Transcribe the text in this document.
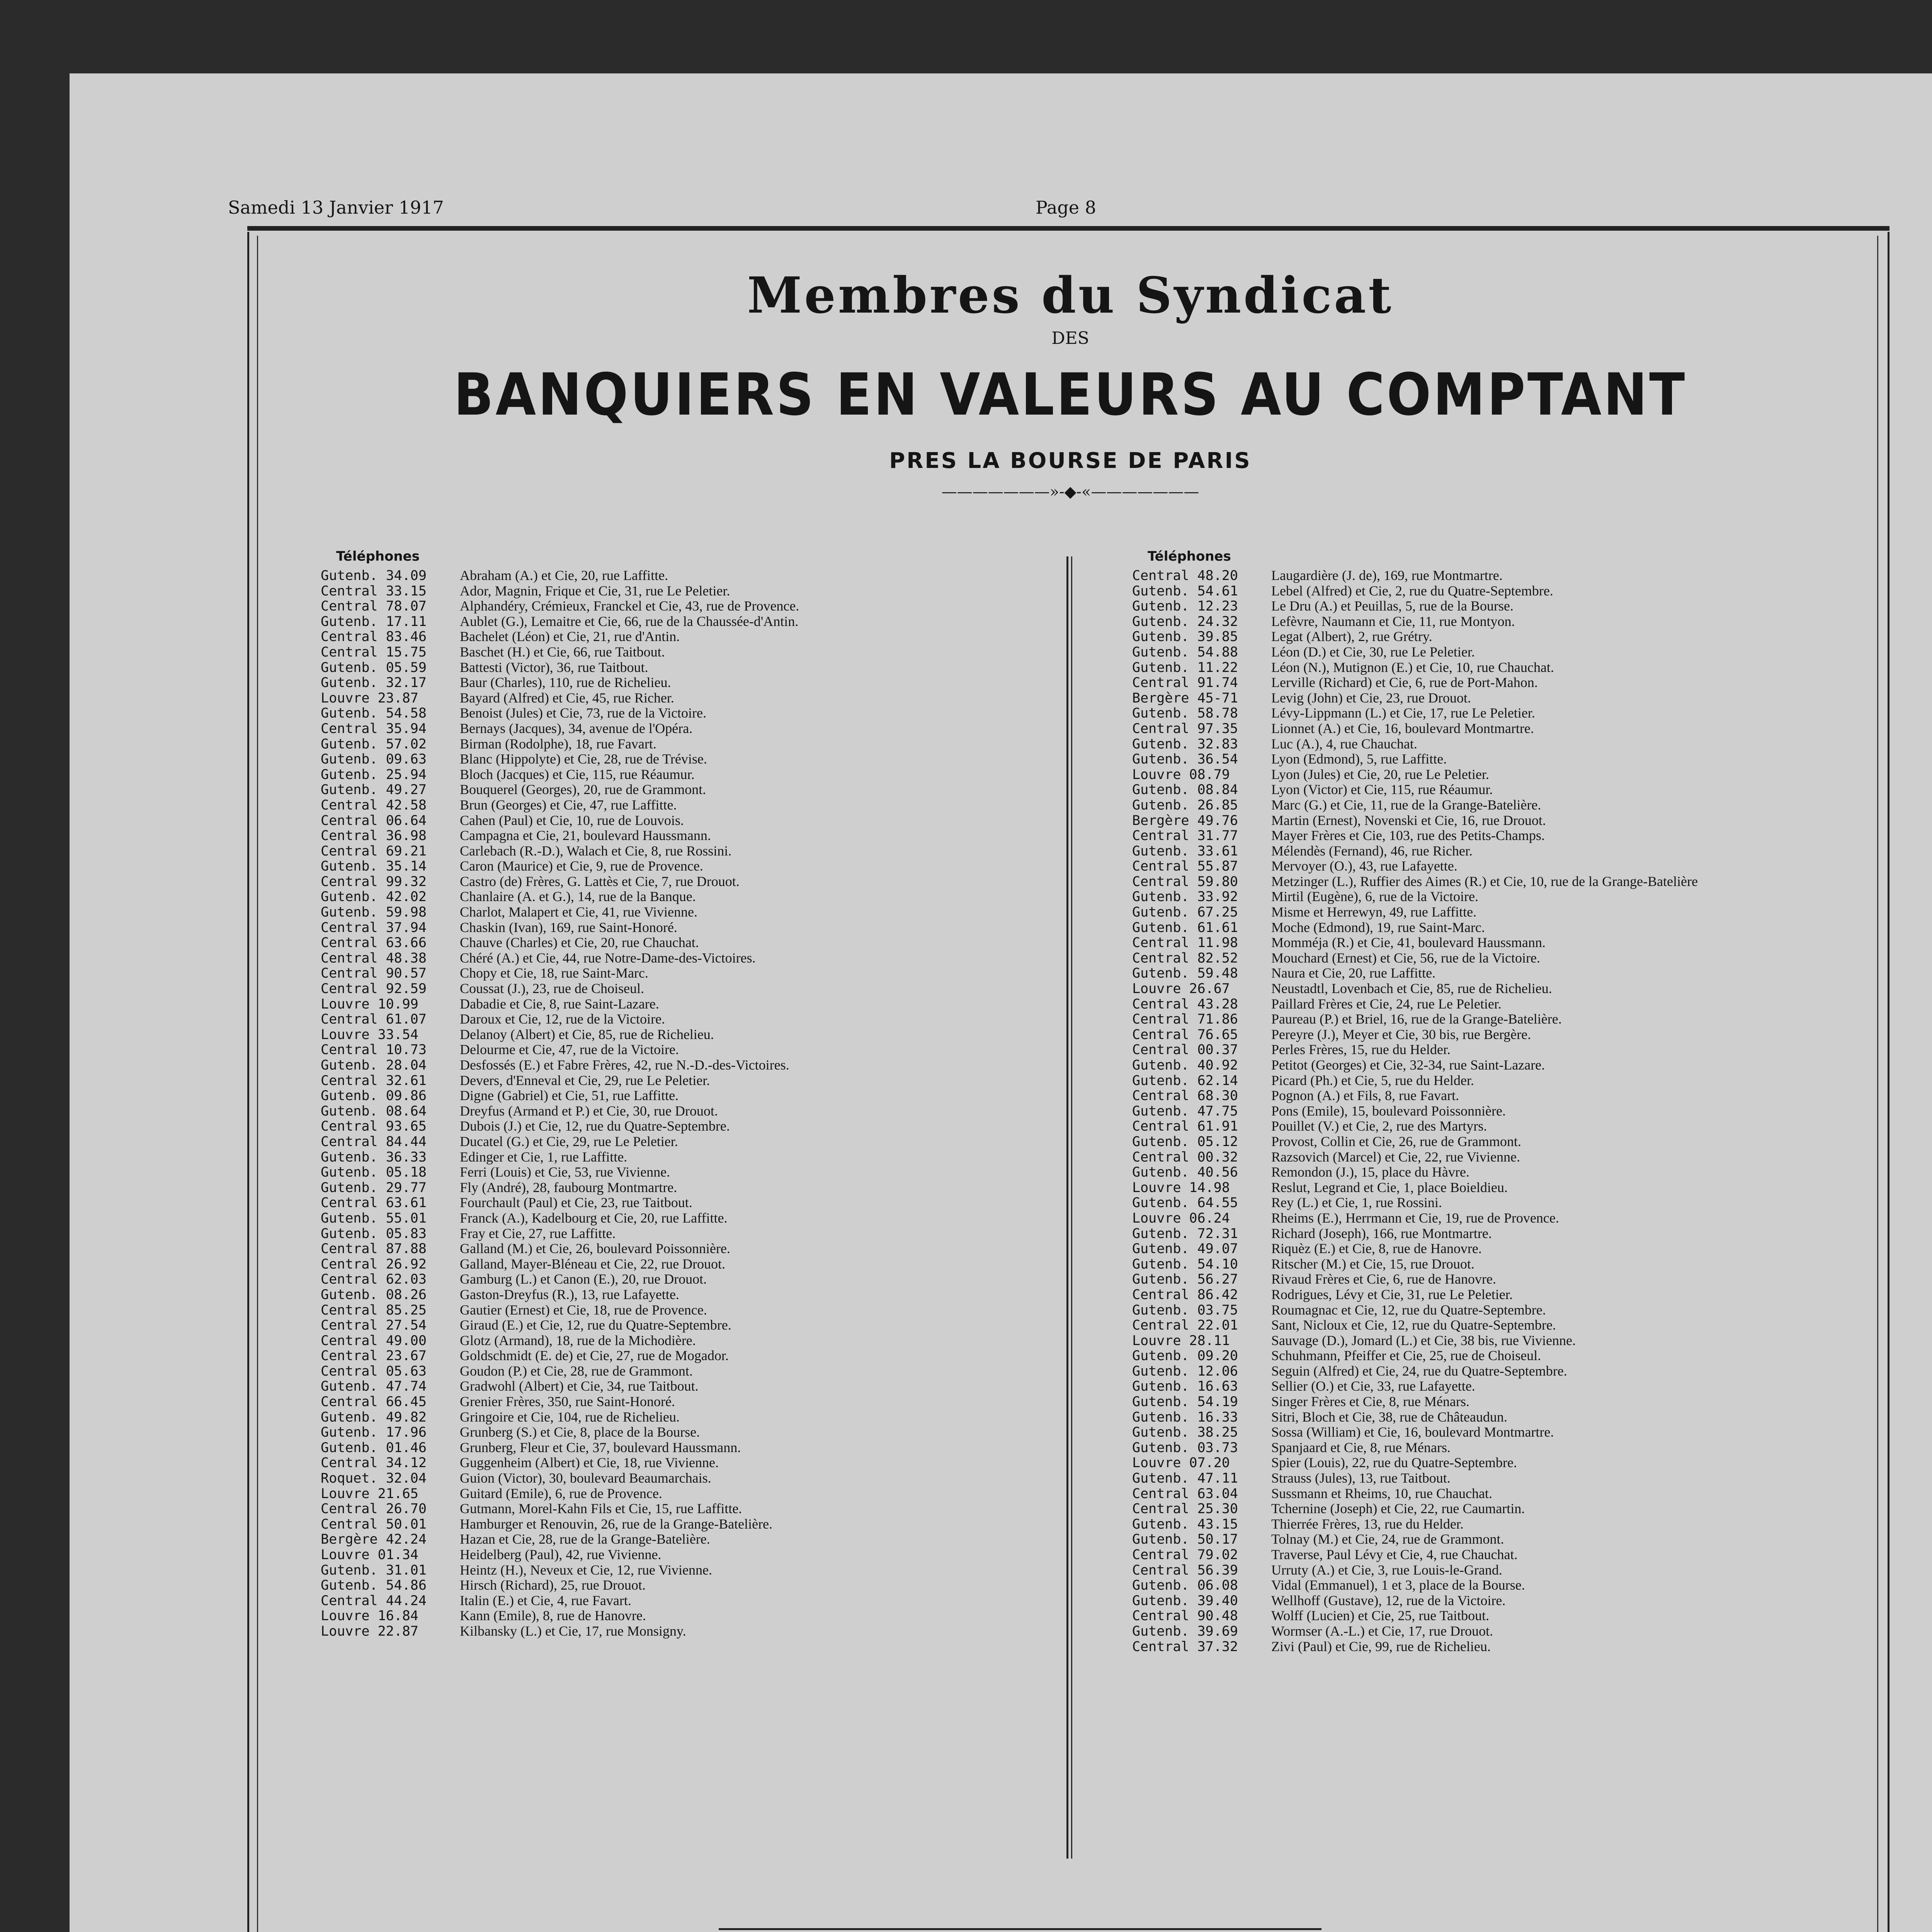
Samedi 13 Janvier 1917	Page 8
Membres du Syndicat
DES
BANQUIERS EN VALEURS AU COMPTANT
PRES LA BOURSE DE PARIS
———————»-◆-«———————
Téléphones
Gutenb. 34.09 Abraham (A.) et Cie, 20, rue Laffitte.
Central 33.15 Ador, Magnin, Frique et Cie, 31, rue Le Peletier.
Central 78.07 Alphandéry, Crémieux, Franckel et Cie, 43, rue de Provence.
Gutenb. 17.11 Aublet (G.), Lemaitre et Cie, 66, rue de la Chaussée-d'Antin.
Central 83.46 Bachelet (Léon) et Cie, 21, rue d'Antin.
Central 15.75 Baschet (H.) et Cie, 66, rue Taitbout.
Gutenb. 05.59 Battesti (Victor), 36, rue Taitbout.
Gutenb. 32.17 Baur (Charles), 110, rue de Richelieu.
Louvre 23.87	Bayard (Alfred) et Cie, 45, rue Richer.
Gutenb. 54.58 Benoist (Jules) et Cie, 73, rue de la Victoire.
Central 35.94 Bernays (Jacques), 34, avenue de l'Opéra.
Gutenb. 57.02 Birman (Rodolphe), 18, rue Favart.
Gutenb. 09.63 Blanc (Hippolyte) et Cie, 28, rue de Trévise.
Gutenb. 25.94 Bloch (Jacques) et Cie, 115, rue Réaumur.
Gutenb. 49.27 Bouquerel (Georges), 20, rue de Grammont.
Central 42.58 Brun (Georges) et Cie, 47, rue Laffitte.
Central 06.64 Cahen (Paul) et Cie, 10, rue de Louvois.
Central 36.98 Campagna et Cie, 21, boulevard Haussmann.
Central 69.21 Carlebach (R.-D.), Walach et Cie, 8, rue Rossini.
Gutenb. 35.14 Caron (Maurice) et Cie, 9, rue de Provence.
Central 99.32 Castro (de) Frères, G. Lattès et Cie, 7, rue Drouot.
Gutenb. 42.02 Chanlaire (A. et G.), 14, rue de la Banque.
Gutenb. 59.98 Charlot, Malapert et Cie, 41, rue Vivienne.
Central 37.94 Chaskin (Ivan), 169, rue Saint-Honoré.
Central 63.66 Chauve (Charles) et Cie, 20, rue Chauchat.
Central 48.38 Chéré (A.) et Cie, 44, rue Notre-Dame-des-Victoires.
Central 90.57 Chopy et Cie, 18, rue Saint-Marc.
Central 92.59 Coussat (J.), 23, rue de Choiseul.
Louvre 10.99	Dabadie et Cie, 8, rue Saint-Lazare.
Central 61.07 Daroux et Cie, 12, rue de la Victoire.
Louvre 33.54	Delanoy (Albert) et Cie, 85, rue de Richelieu.
Central 10.73 Delourme et Cie, 47, rue de la Victoire.
Gutenb. 28.04 Desfossés (E.) et Fabre Frères, 42, rue N.-D.-des-Victoires.
Central 32.61 Devers, d'Enneval et Cie, 29, rue Le Peletier.
Gutenb. 09.86 Digne (Gabriel) et Cie, 51, rue Laffitte.
Gutenb. 08.64 Dreyfus (Armand et P.) et Cie, 30, rue Drouot.
Central 93.65 Dubois (J.) et Cie, 12, rue du Quatre-Septembre.
Central 84.44 Ducatel (G.) et Cie, 29, rue Le Peletier.
Gutenb. 36.33 Edinger et Cie, 1, rue Laffitte.
Gutenb. 05.18 Ferri (Louis) et Cie, 53, rue Vivienne.
Gutenb. 29.77 Fly (André), 28, faubourg Montmartre.
Central 63.61 Fourchault (Paul) et Cie, 23, rue Taitbout.
Gutenb. 55.01 Franck (A.), Kadelbourg et Cie, 20, rue Laffitte.
Gutenb. 05.83 Fray et Cie, 27, rue Laffitte.
Central 87.88 Galland (M.) et Cie, 26, boulevard Poissonnière.
Central 26.92 Galland, Mayer-Bléneau et Cie, 22, rue Drouot.
Central 62.03 Gamburg (L.) et Canon (E.), 20, rue Drouot.
Gutenb. 08.26 Gaston-Dreyfus (R.), 13, rue Lafayette.
Central 85.25 Gautier (Ernest) et Cie, 18, rue de Provence.
Central 27.54 Giraud (E.) et Cie, 12, rue du Quatre-Septembre.
Central 49.00 Glotz (Armand), 18, rue de la Michodière.
Central 23.67 Goldschmidt (E. de) et Cie, 27, rue de Mogador.
Central 05.63 Goudon (P.) et Cie, 28, rue de Grammont.
Gutenb. 47.74 Gradwohl (Albert) et Cie, 34, rue Taitbout.
Central 66.45 Grenier Frères, 350, rue Saint-Honoré.
Gutenb. 49.82 Gringoire et Cie, 104, rue de Richelieu.
Gutenb. 17.96 Grunberg (S.) et Cie, 8, place de la Bourse.
Gutenb. 01.46 Grunberg, Fleur et Cie, 37, boulevard Haussmann.
Central 34.12 Guggenheim (Albert) et Cie, 18, rue Vivienne.
Roquet. 32.04 Guion (Victor), 30, boulevard Beaumarchais.
Louvre 21.65	Guitard (Emile), 6, rue de Provence.
Central 26.70 Gutmann, Morel-Kahn Fils et Cie, 15, rue Laffitte.
Central 50.01 Hamburger et Renouvin, 26, rue de la Grange-Batelière.
Bergère 42.24 Hazan et Cie, 28, rue de la Grange-Batelière.
Louvre 01.34	Heidelberg (Paul), 42, rue Vivienne.
Gutenb. 31.01 Heintz (H.), Neveux et Cie, 12, rue Vivienne.
Gutenb. 54.86 Hirsch (Richard), 25, rue Drouot.
Central 44.24 Italin (E.) et Cie, 4, rue Favart.
Louvre 16.84	Kann (Emile), 8, rue de Hanovre.
Louvre 22.87	Kilbansky (L.) et Cie, 17, rue Monsigny.
Téléphones
Central 48.20 Laugardière (J. de), 169, rue Montmartre.
Gutenb. 54.61 Lebel (Alfred) et Cie, 2, rue du Quatre-Septembre.
Gutenb. 12.23 Le Dru (A.) et Peuillas, 5, rue de la Bourse.
Gutenb. 24.32 Lefèvre, Naumann et Cie, 11, rue Montyon.
Gutenb. 39.85 Legat (Albert), 2, rue Grétry.
Gutenb. 54.88 Léon (D.) et Cie, 30, rue Le Peletier.
Gutenb. 11.22 Léon (N.), Mutignon (E.) et Cie, 10, rue Chauchat.
Central 91.74 Lerville (Richard) et Cie, 6, rue de Port-Mahon.
Bergère 45-71 Levig (John) et Cie, 23, rue Drouot.
Gutenb. 58.78 Lévy-Lippmann (L.) et Cie, 17, rue Le Peletier.
Central 97.35 Lionnet (A.) et Cie, 16, boulevard Montmartre.
Gutenb. 32.83 Luc (A.), 4, rue Chauchat.
Gutenb. 36.54 Lyon (Edmond), 5, rue Laffitte.
Louvre 08.79	Lyon (Jules) et Cie, 20, rue Le Peletier.
Gutenb. 08.84 Lyon (Victor) et Cie, 115, rue Réaumur.
Gutenb. 26.85 Marc (G.) et Cie, 11, rue de la Grange-Batelière.
Bergère 49.76 Martin (Ernest), Novenski et Cie, 16, rue Drouot.
Central 31.77 Mayer Frères et Cie, 103, rue des Petits-Champs.
Gutenb. 33.61 Mélendès (Fernand), 46, rue Richer.
Central 55.87 Mervoyer (O.), 43, rue Lafayette.
Central 59.80 Metzinger (L.), Ruffier des Aimes (R.) et Cie, 10, rue de la Grange-Batelière
Gutenb. 33.92 Mirtil (Eugène), 6, rue de la Victoire.
Gutenb. 67.25 Misme et Herrewyn, 49, rue Laffitte.
Gutenb. 61.61 Moche (Edmond), 19, rue Saint-Marc.
Central 11.98 Momméja (R.) et Cie, 41, boulevard Haussmann.
Central 82.52 Mouchard (Ernest) et Cie, 56, rue de la Victoire.
Gutenb. 59.48 Naura et Cie, 20, rue Laffitte.
Louvre 26.67	Neustadtl, Lovenbach et Cie, 85, rue de Richelieu.
Central 43.28 Paillard Frères et Cie, 24, rue Le Peletier.
Central 71.86 Paureau (P.) et Briel, 16, rue de la Grange-Batelière.
Central 76.65 Pereyre (J.), Meyer et Cie, 30 bis, rue Bergère.
Central 00.37 Perles Frères, 15, rue du Helder.
Gutenb. 40.92 Petitot (Georges) et Cie, 32-34, rue Saint-Lazare.
Gutenb. 62.14 Picard (Ph.) et Cie, 5, rue du Helder.
Central 68.30 Pognon (A.) et Fils, 8, rue Favart.
Gutenb. 47.75 Pons (Emile), 15, boulevard Poissonnière.
Central 61.91 Pouillet (V.) et Cie, 2, rue des Martyrs.
Gutenb. 05.12 Provost, Collin et Cie, 26, rue de Grammont.
Central 00.32 Razsovich (Marcel) et Cie, 22, rue Vivienne.
Gutenb. 40.56 Remondon (J.), 15, place du Hàvre.
Louvre 14.98	Reslut, Legrand et Cie, 1, place Boieldieu.
Gutenb. 64.55 Rey (L.) et Cie, 1, rue Rossini.
Louvre 06.24	Rheims (E.), Herrmann et Cie, 19, rue de Provence.
Gutenb. 72.31 Richard (Joseph), 166, rue Montmartre.
Gutenb. 49.07 Riquèz (E.) et Cie, 8, rue de Hanovre.
Gutenb. 54.10 Ritscher (M.) et Cie, 15, rue Drouot.
Gutenb. 56.27 Rivaud Frères et Cie, 6, rue de Hanovre.
Central 86.42 Rodrigues, Lévy et Cie, 31, rue Le Peletier.
Gutenb. 03.75 Roumagnac et Cie, 12, rue du Quatre-Septembre.
Central 22.01 Sant, Nicloux et Cie, 12, rue du Quatre-Septembre.
Louvre 28.11	Sauvage (D.), Jomard (L.) et Cie, 38 bis, rue Vivienne.
Gutenb. 09.20 Schuhmann, Pfeiffer et Cie, 25, rue de Choiseul.
Gutenb. 12.06 Seguin (Alfred) et Cie, 24, rue du Quatre-Septembre.
Gutenb. 16.63 Sellier (O.) et Cie, 33, rue Lafayette.
Gutenb. 54.19 Singer Frères et Cie, 8, rue Ménars.
Gutenb. 16.33 Sitri, Bloch et Cie, 38, rue de Châteaudun.
Gutenb. 38.25 Sossa (William) et Cie, 16, boulevard Montmartre.
Gutenb. 03.73 Spanjaard et Cie, 8, rue Ménars.
Louvre 07.20	Spier (Louis), 22, rue du Quatre-Septembre.
Gutenb. 47.11 Strauss (Jules), 13, rue Taitbout.
Central 63.04 Sussmann et Rheims, 10, rue Chauchat.
Central 25.30 Tchernine (Joseph) et Cie, 22, rue Caumartin.
Gutenb. 43.15 Thierrée Frères, 13, rue du Helder.
Gutenb. 50.17 Tolnay (M.) et Cie, 24, rue de Grammont.
Central 79.02 Traverse, Paul Lévy et Cie, 4, rue Chauchat.
Central 56.39 Urruty (A.) et Cie, 3, rue Louis-le-Grand.
Gutenb. 06.08 Vidal (Emmanuel), 1 et 3, place de la Bourse.
Gutenb. 39.40 Wellhoff (Gustave), 12, rue de la Victoire.
Central 90.48 Wolff (Lucien) et Cie, 25, rue Taitbout.
Gutenb. 39.69 Wormser (A.-L.) et Cie, 17, rue Drouot.
Central 37.32 Zivi (Paul) et Cie, 99, rue de Richelieu.
